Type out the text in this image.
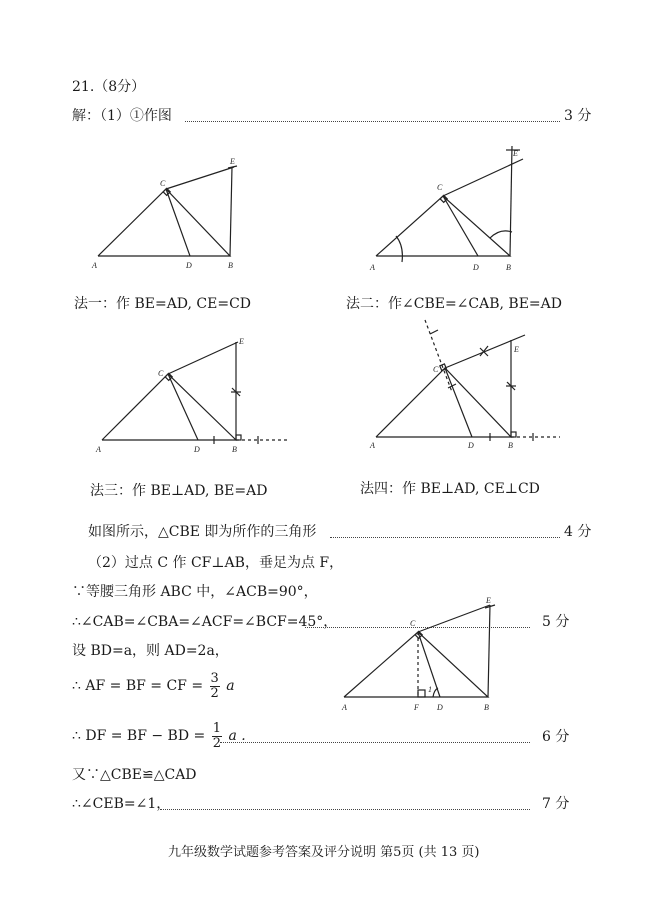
21.（8分）
解：（1）①作图	3 分
法一：作 BE=AD, CE=CD	法二：作∠CBE=∠CAB, BE=AD
法三：作 BE⊥AD, BE=AD	法四：作 BE⊥AD, CE⊥CD
如图所示，△CBE 即为所作的三角形	4 分
（2）过点 C 作 CF⊥AB，垂足为点 F，
∵等腰三角形 ABC 中，∠ACB=90°，
∴∠CAB=∠CBA=∠ACF=∠BCF=45°，	5 分
设 BD=a，则 AD=2a，
∴ AF = BF = CF = $\frac{3}{2}$ a
∴ DF = BF − BD = $\frac{1}{2}$ a .	6 分
又∵△CBE≌△CAD
∴∠CEB=∠1，	7 分
九年级数学试题参考答案及评分说明 第5页 (共 13 页)
A
C
D	B
E
A
C
D	B
E
A
C
D	B
E
A
C
D	B
E
A
C
F D	B
E
1
